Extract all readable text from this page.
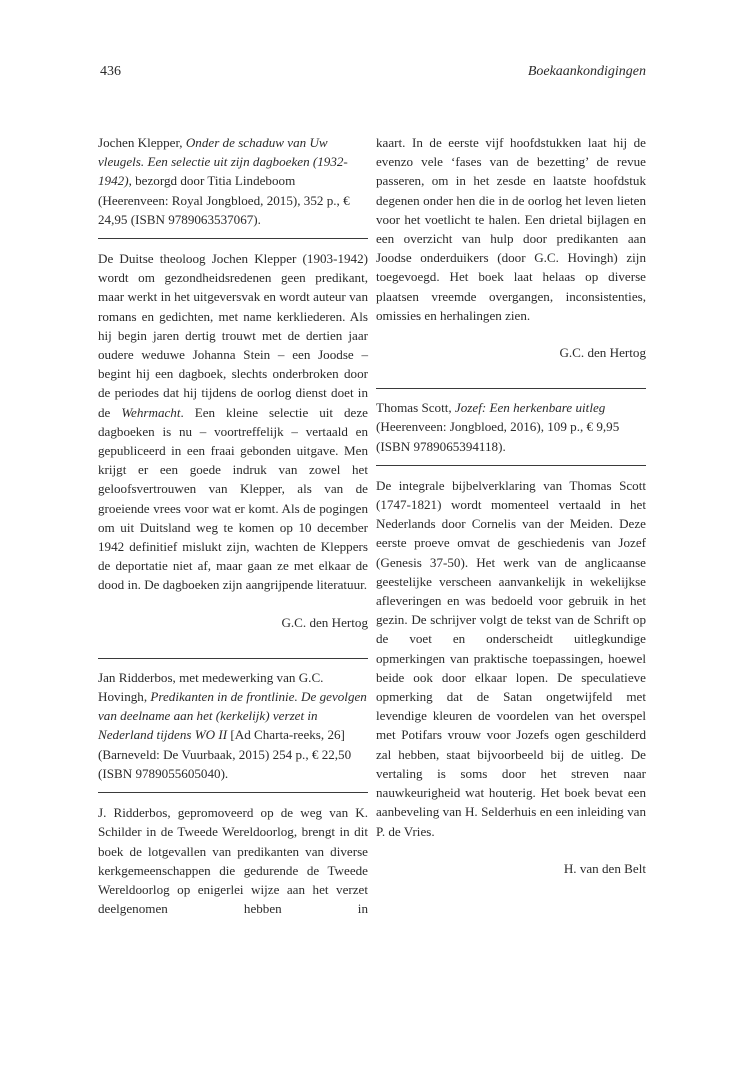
436	Boekaankondigingen

Jochen Klepper, Onder de schaduw van Uw vleugels. Een selectie uit zijn dagboeken (1932-1942), bezorgd door Titia Lindeboom (Heerenveen: Royal Jongbloed, 2015), 352 p., € 24,95 (ISBN 9789063537067).

De Duitse theoloog Jochen Klepper (1903-1942) wordt om gezondheidsredenen geen predikant, maar werkt in het uitgeversvak en wordt auteur van romans en gedichten, met name kerkliederen. Als hij begin jaren dertig trouwt met de dertien jaar oudere weduwe Johanna Stein – een Joodse – begint hij een dagboek, slechts onderbroken door de periodes dat hij tijdens de oorlog dienst doet in de Wehrmacht. Een kleine selectie uit deze dagboeken is nu – voortreffelijk – vertaald en gepubliceerd in een fraai gebonden uitgave. Men krijgt er een goede indruk van zowel het geloofsvertrouwen van Klepper, als van de groeiende vrees voor wat er komt. Als de pogingen om uit Duitsland weg te komen op 10 december 1942 definitief mislukt zijn, wachten de Kleppers de deportatie niet af, maar gaan ze met elkaar de dood in. De dagboeken zijn aangrijpende literatuur.

G.C. den Hertog

Jan Ridderbos, met medewerking van G.C. Hovingh, Predikanten in de frontlinie. De gevolgen van deelname aan het (kerkelijk) verzet in Nederland tijdens WO II [Ad Charta-reeks, 26] (Barneveld: De Vuurbaak, 2015) 254 p., € 22,50 (ISBN 9789055605040).

J. Ridderbos, gepromoveerd op de weg van K. Schilder in de Tweede Wereldoorlog, brengt in dit boek de lotgevallen van predikanten van diverse kerkgemeenschappen die gedurende de Tweede Wereldoorlog op enigerlei wijze aan het verzet deelgenomen hebben in

kaart. In de eerste vijf hoofdstukken laat hij de evenzo vele ‘fases van de bezetting’ de revue passeren, om in het zesde en laatste hoofdstuk degenen onder hen die in de oorlog het leven lieten voor het voetlicht te halen. Een drietal bijlagen en een overzicht van hulp door predikanten aan Joodse onderduikers (door G.C. Hovingh) zijn toegevoegd. Het boek laat helaas op diverse plaatsen vreemde overgangen, inconsistenties, omissies en herhalingen zien.

G.C. den Hertog

Thomas Scott, Jozef: Een herkenbare uitleg (Heerenveen: Jongbloed, 2016), 109 p., € 9,95 (ISBN 9789065394118).

De integrale bijbelverklaring van Thomas Scott (1747-1821) wordt momenteel vertaald in het Nederlands door Cornelis van der Meiden. Deze eerste proeve omvat de geschiedenis van Jozef (Genesis 37-50). Het werk van de anglicaanse geestelijke verscheen aanvankelijk in wekelijkse afleveringen en was bedoeld voor gebruik in het gezin. De schrijver volgt de tekst van de Schrift op de voet en onderscheidt uitlegkundige opmerkingen van praktische toepassingen, hoewel beide ook door elkaar lopen. De speculatieve opmerking dat de Satan ongetwijfeld met levendige kleuren de voordelen van het overspel met Potifars vrouw voor Jozefs ogen geschilderd zal hebben, staat bijvoorbeeld bij de uitleg. De vertaling is soms door het streven naar nauwkeurigheid wat houterig. Het boek bevat een aanbeveling van H. Selderhuis en een inleiding van P. de Vries.

H. van den Belt
